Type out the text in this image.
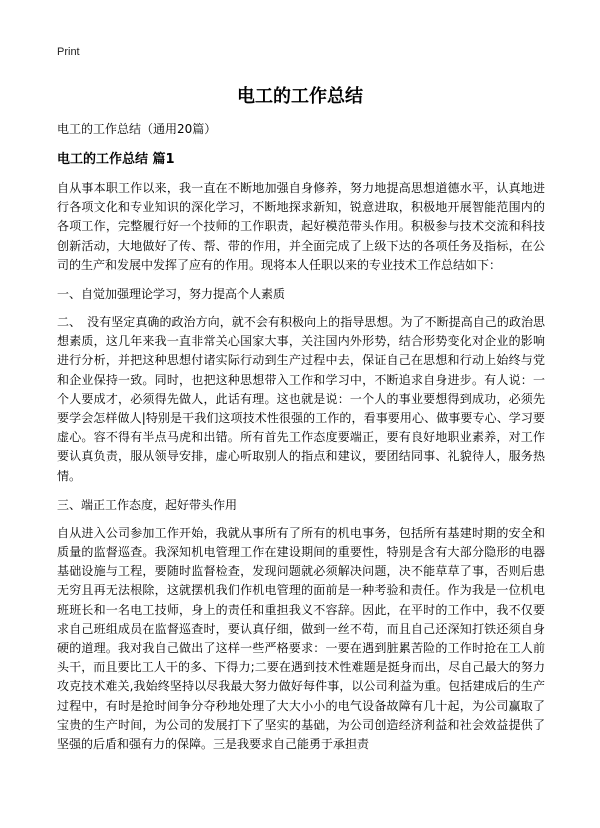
Print
电工的工作总结

电工的工作总结（通用20篇）

电工的工作总结 篇1

自从事本职工作以来，我一直在不断地加强自身修养，努力地提高思想道德水平，认真地进行各项文化和专业知识的深化学习，不断地探求新知，锐意进取，积极地开展智能范围内的各项工作，完整履行好一个技师的工作职责，起好模范带头作用。积极参与技术交流和科技创新活动，大地做好了传、帮、带的作用，并全面完成了上级下达的各项任务及指标，在公司的生产和发展中发挥了应有的作用。现将本人任职以来的专业技术工作总结如下：

一、自觉加强理论学习，努力提高个人素质

二、　没有坚定真确的政治方向，就不会有积极向上的指导思想。为了不断提高自己的政治思想素质，这几年来我一直非常关心国家大事，关注国内外形势，结合形势变化对企业的影响进行分析，并把这种思想付诸实际行动到生产过程中去，保证自己在思想和行动上始终与党和企业保持一致。同时，也把这种思想带入工作和学习中，不断追求自身进步。有人说：一个人要成才，必须得先做人，此话有理。这也就是说：一个人的事业要想得到成功，必须先要学会怎样做人|特别是干我们这项技术性很强的工作的，看事要用心、做事要专心、学习要虚心。容不得有半点马虎和出错。所有首先工作态度要端正，要有良好地职业素养，对工作要认真负责，服从领导安排，虚心听取别人的指点和建议，要团结同事、礼貌待人，服务热情。

三、端正工作态度，起好带头作用

自从进入公司参加工作开始，我就从事所有了所有的机电事务，包括所有基建时期的安全和质量的监督巡查。我深知机电管理工作在建设期间的重要性，特别是含有大部分隐形的电器基础设施与工程，要随时监督检查，发现问题就必须解决问题，决不能草草了事，否则后患无穷且再无法根除，这就摆机我们作机电管理的面前是一种考验和责任。作为我是一位机电班班长和一名电工技师，身上的责任和重担我义不容辞。因此，在平时的工作中，我不仅要求自己班组成员在监督巡查时，要认真仔细，做到一丝不苟，而且自己还深知打铁还须自身硬的道理。我对我自己做出了这样一些严格要求：一要在遇到脏累苦险的工作时抢在工人前头干，而且要比工人干的多、下得力;二要在遇到技术性难题是挺身而出，尽自己最大的努力攻克技术难关,我始终坚持以尽我最大努力做好每件事，以公司利益为重。包括建成后的生产过程中，有时是抢时间争分夺秒地处理了大大小小的电气设备故障有几十起，为公司赢取了宝贵的生产时间，为公司的发展打下了坚实的基础，为公司创造经济利益和社会效益提供了坚强的后盾和强有力的保障。三是我要求自己能勇于承担责
